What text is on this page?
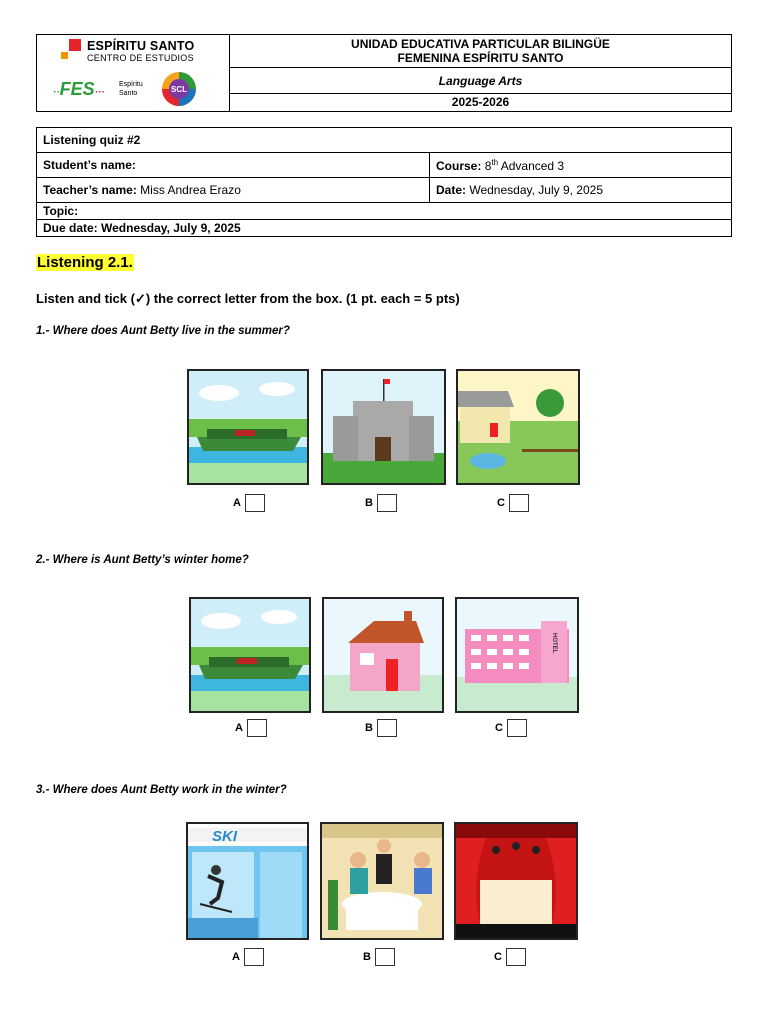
ESPÍRITU SANTO
CENTRO DE ESTUDIOS
··FES···
Espíritu Santo	SCL

UNIDAD EDUCATIVA PARTICULAR BILINGÜE
FEMENINA ESPÍRITU SANTO

Language Arts
2025-2026
Listening quiz #2	
Student’s name:	Course: 8th Advanced 3
Teacher’s name: Miss Andrea Erazo	Date: Wednesday, July 9, 2025
Topic:	
Due date: Wednesday, July 9, 2025	
Listening 2.1.
Listen and tick (✓) the correct letter from the box. (1 pt. each = 5 pts)
1.- Where does Aunt Betty live in the summer?
A	B	C
2.- Where is Aunt Betty’s winter home?
HOTEL
A	B	C
3.- Where does Aunt Betty work in the winter?
SKI
A	B	C
